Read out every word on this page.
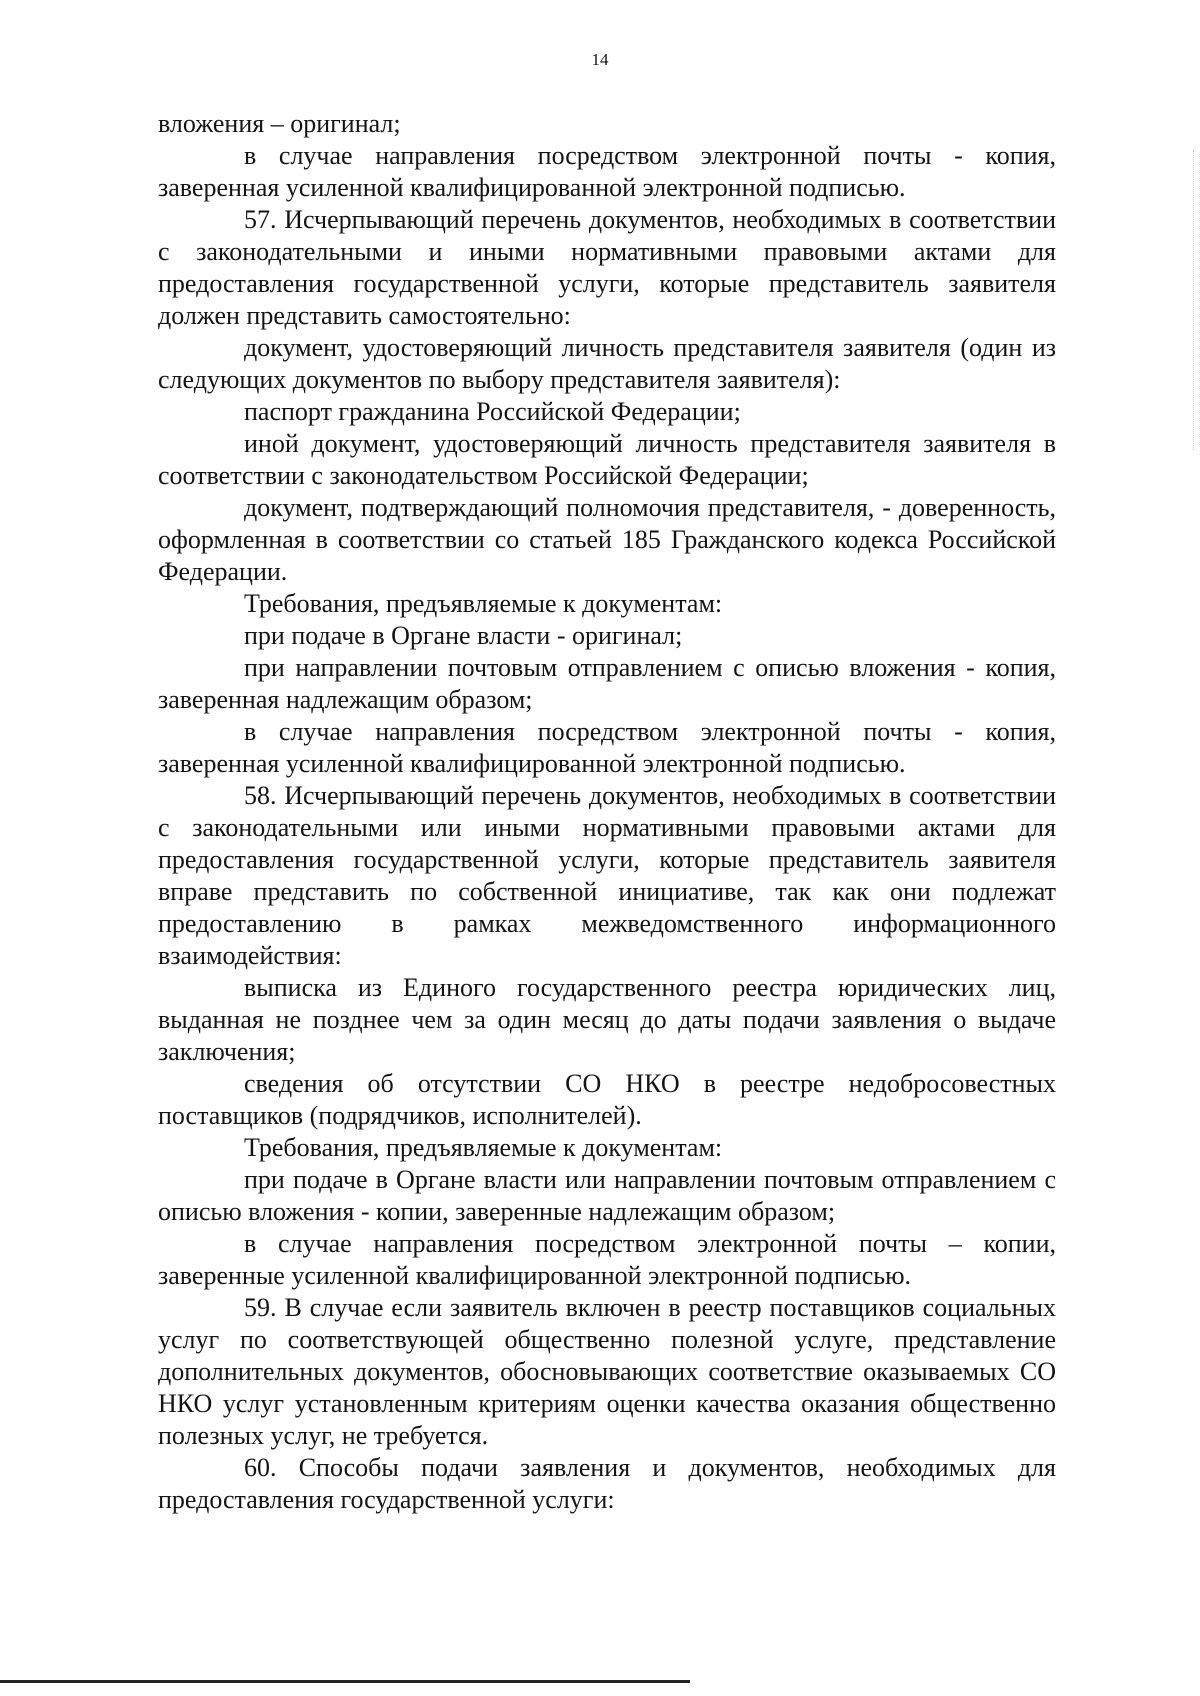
14

вложения – оригинал;

в случае направления посредством электронной почты - копия, заверенная усиленной квалифицированной электронной подписью.

57. Исчерпывающий перечень документов, необходимых в соответствии с законодательными и иными нормативными правовыми актами для предоставления государственной услуги, которые представитель заявителя должен представить самостоятельно:

документ, удостоверяющий личность представителя заявителя (один из следующих документов по выбору представителя заявителя):

паспорт гражданина Российской Федерации;

иной документ, удостоверяющий личность представителя заявителя в соответствии с законодательством Российской Федерации;

документ, подтверждающий полномочия представителя, - доверенность, оформленная в соответствии со статьей 185 Гражданского кодекса Российской Федерации.

Требования, предъявляемые к документам:

при подаче в Органе власти - оригинал;

при направлении почтовым отправлением с описью вложения - копия, заверенная надлежащим образом;

в случае направления посредством электронной почты - копия, заверенная усиленной квалифицированной электронной подписью.

58. Исчерпывающий перечень документов, необходимых в соответствии с законодательными или иными нормативными правовыми актами для предоставления государственной услуги, которые представитель заявителя вправе представить по собственной инициативе, так как они подлежат предоставлению в рамках межведомственного информационного взаимодействия:

выписка из Единого государственного реестра юридических лиц, выданная не позднее чем за один месяц до даты подачи заявления о выдаче заключения;

сведения об отсутствии СО НКО в реестре недобросовестных поставщиков (подрядчиков, исполнителей).

Требования, предъявляемые к документам:

при подаче в Органе власти или направлении почтовым отправлением с описью вложения - копии, заверенные надлежащим образом;

в случае направления посредством электронной почты – копии, заверенные усиленной квалифицированной электронной подписью.

59. В случае если заявитель включен в реестр поставщиков социальных услуг по соответствующей общественно полезной услуге, представление дополнительных документов, обосновывающих соответствие оказываемых СО НКО услуг установленным критериям оценки качества оказания общественно полезных услуг, не требуется.

60. Способы подачи заявления и документов, необходимых для предоставления государственной услуги:
